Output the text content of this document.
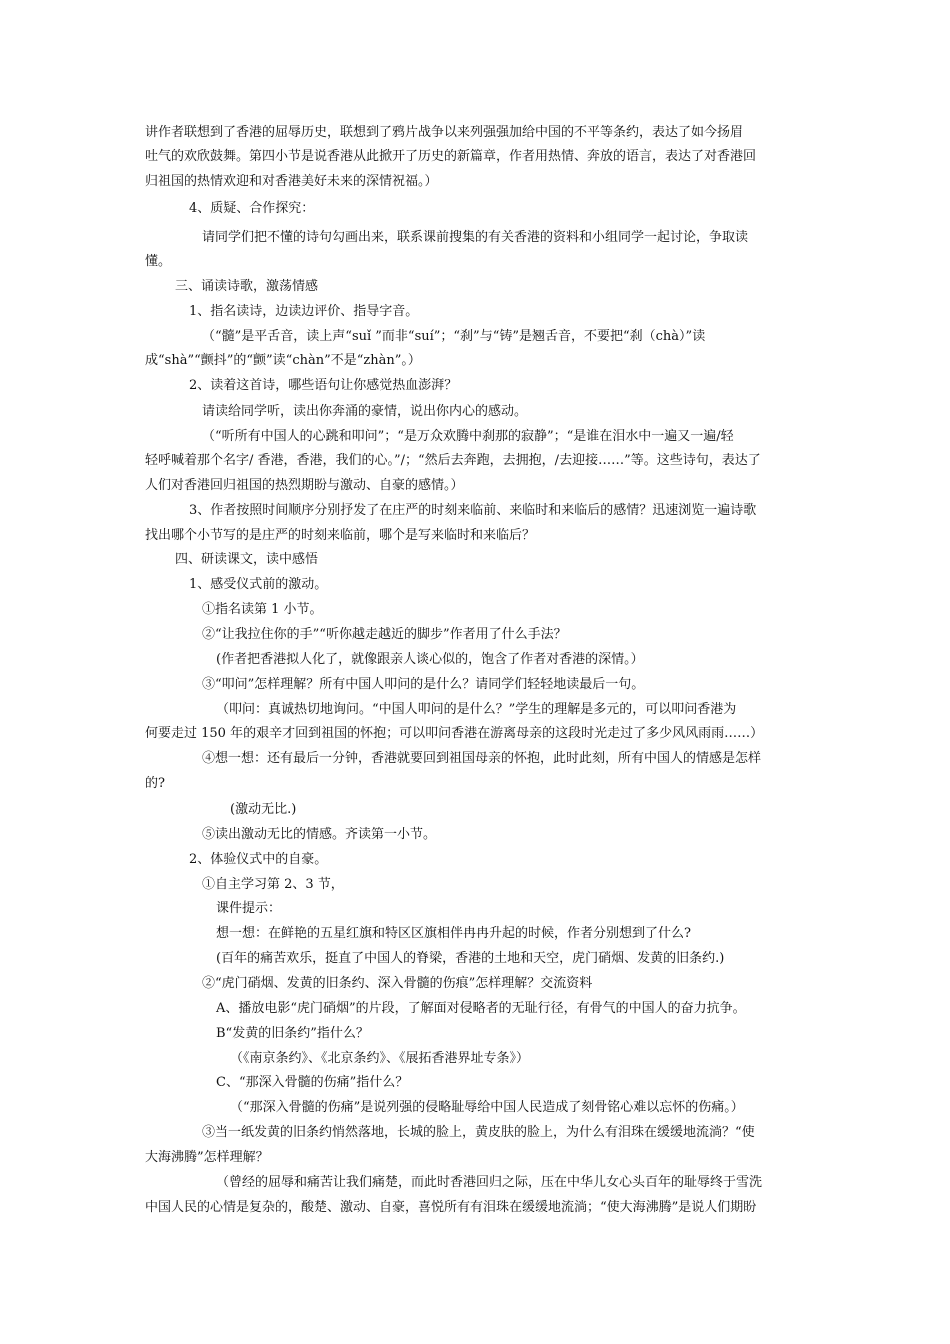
讲作者联想到了香港的屈辱历史，联想到了鸦片战争以来列强强加给中国的不平等条约，表达了如今扬眉
吐气的欢欣鼓舞。第四小节是说香港从此掀开了历史的新篇章，作者用热情、奔放的语言，表达了对香港回
归祖国的热情欢迎和对香港美好未来的深情祝福。）
4、质疑、合作探究：
请同学们把不懂的诗句勾画出来，联系课前搜集的有关香港的资料和小组同学一起讨论，争取读
懂。
三、诵读诗歌，激荡情感
1、指名读诗，边读边评价、指导字音。
（“髓”是平舌音，读上声“suǐ ”而非“suí”；“刹”与“铸”是翘舌音，不要把“刹（chà）”读
成“shà”“颤抖”的“颤”读“chàn”不是“zhàn”。）
2、读着这首诗，哪些语句让你感觉热血澎湃？
请读给同学听，读出你奔涌的豪情，说出你内心的感动。
（“听所有中国人的心跳和叩问”；“是万众欢腾中刹那的寂静”；“是谁在泪水中一遍又一遍/轻
轻呼喊着那个名字/ 香港，香港，我们的心。”/；“然后去奔跑，去拥抱，/去迎接……”等。这些诗句，表达了
人们对香港回归祖国的热烈期盼与激动、自豪的感情。）
3、作者按照时间顺序分别抒发了在庄严的时刻来临前、来临时和来临后的感情？迅速浏览一遍诗歌
找出哪个小节写的是庄严的时刻来临前，哪个是写来临时和来临后？
四、研读课文，读中感悟
1、感受仪式前的激动。
①指名读第 1 小节。
②“让我拉住你的手”“听你越走越近的脚步”作者用了什么手法？
(作者把香港拟人化了，就像跟亲人谈心似的，饱含了作者对香港的深情。）
③“叩问”怎样理解？所有中国人叩问的是什么？请同学们轻轻地读最后一句。
（叩问：真诚热切地询问。“中国人叩问的是什么？”学生的理解是多元的，可以叩问香港为
何要走过 150 年的艰辛才回到祖国的怀抱；可以叩问香港在游离母亲的这段时光走过了多少风风雨雨……）
④想一想：还有最后一分钟，香港就要回到祖国母亲的怀抱，此时此刻，所有中国人的情感是怎样
的?
(激动无比.)
⑤读出激动无比的情感。齐读第一小节。
2、体验仪式中的自豪。
①自主学习第 2、3 节，
课件提示：
想一想：在鲜艳的五星红旗和特区区旗相伴冉冉升起的时候，作者分别想到了什么?
(百年的痛苦欢乐，挺直了中国人的脊梁，香港的土地和天空，虎门硝烟、发黄的旧条约.)
②“虎门硝烟、发黄的旧条约、深入骨髓的伤痕”怎样理解？交流资料
A、播放电影“虎门硝烟”的片段，了解面对侵略者的无耻行径，有骨气的中国人的奋力抗争。
B“发黄的旧条约”指什么？
（《南京条约》、《北京条约》、《展拓香港界址专条》）
C、“那深入骨髓的伤痛”指什么？
（“那深入骨髓的伤痛”是说列强的侵略耻辱给中国人民造成了刻骨铭心难以忘怀的伤痛。）
③当一纸发黄的旧条约悄然落地，长城的脸上，黄皮肤的脸上，为什么有泪珠在缓缓地流淌？“使
大海沸腾”怎样理解？
（曾经的屈辱和痛苦让我们痛楚，而此时香港回归之际，压在中华儿女心头百年的耻辱终于雪洗
中国人民的心情是复杂的，酸楚、激动、自豪，喜悦所有有泪珠在缓缓地流淌；“使大海沸腾”是说人们期盼
